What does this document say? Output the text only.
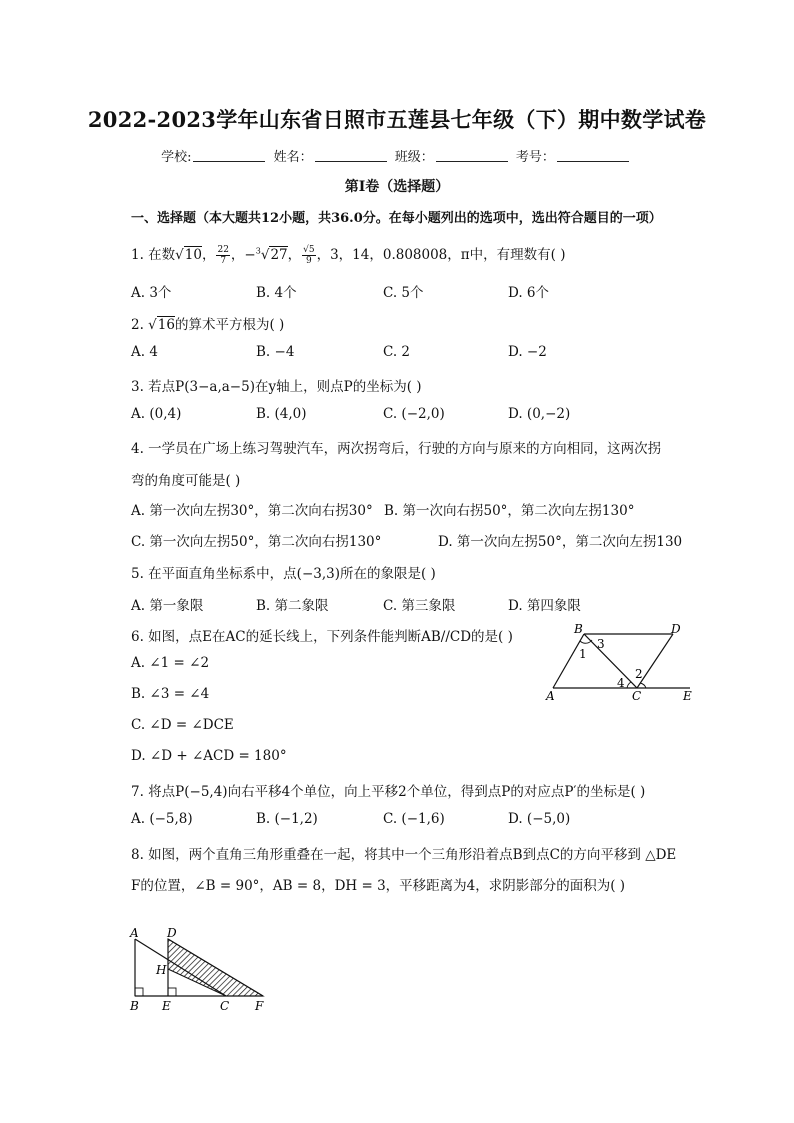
2022-2023学年山东省日照市五莲县七年级（下）期中数学试卷
学校:	姓名：	班级：	考号：
第Ⅰ卷（选择题）
一、选择题（本大题共12小题，共36.0分。在每小题列出的选项中，选出符合题目的一项）
1. 在数√10， $\frac{22}{7}$ ，−$^3$√27， $\frac{√5}{9}$ ，3，14，0.808008，π中，有理数有( )
A. 3个	B. 4个	C. 5个	D. 6个
2. √16的算术平方根为( )
A. 4	B. −4	C. 2	D. −2
3. 若点P(3−a,a−5)在y轴上，则点P的坐标为( )
A. (0,4)	B. (4,0)	C. (−2,0)	D. (0,−2)
4. 一学员在广场上练习驾驶汽车，两次拐弯后，行驶的方向与原来的方向相同，这两次拐
弯的角度可能是( )
A. 第一次向左拐30°，第二次向右拐30° B. 第一次向右拐50°，第二次向左拐130°
C. 第一次向左拐50°，第二次向右拐130°	D. 第一次向左拐50°，第二次向左拐130
5. 在平面直角坐标系中，点(−3,3)所在的象限是( )
A. 第一象限	B. 第二象限	C. 第三象限	D. 第四象限
6. 如图，点E在AC的延长线上，下列条件能判断AB//CD的是( )
A. ∠1 = ∠2
B. ∠3 = ∠4
C. ∠D = ∠DCE
D. ∠D + ∠ACD = 180°
B	D
A	C	E
1
3
2
4
7. 将点P(−5,4)向右平移4个单位，向上平移2个单位，得到点P的对应点P′的坐标是( )
A. (−5,8)	B. (−1,2)	C. (−1,6)	D. (−5,0)
8. 如图，两个直角三角形重叠在一起，将其中一个三角形沿着点B到点C的方向平移到 △DE
F的位置，∠B = 90°，AB = 8，DH = 3，平移距离为4，求阴影部分的面积为( )
A D
H
B E	C F
